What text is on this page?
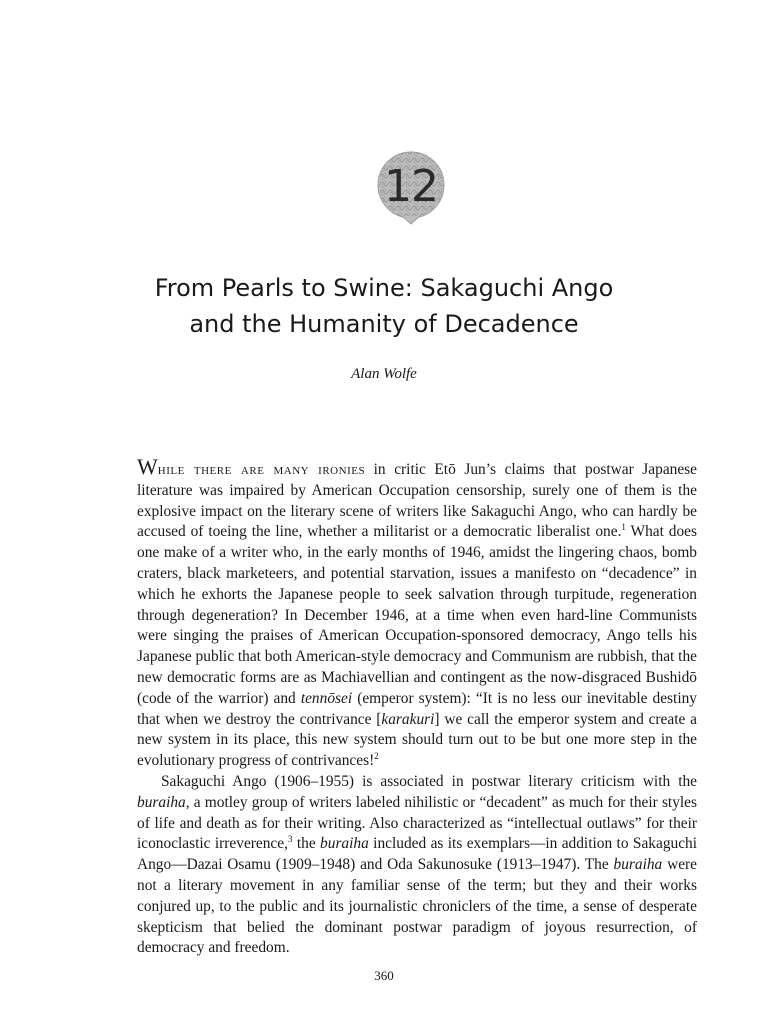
12
From Pearls to Swine: Sakaguchi Ango
and the Humanity of Decadence
Alan Wolfe

While there are many ironies in critic Etō Jun’s claims that postwar Japanese literature was impaired by American Occupation censorship, surely one of them is the explosive impact on the literary scene of writers like Sakaguchi Ango, who can hardly be accused of toeing the line, whether a militarist or a democratic liberalist one.$^1$ What does one make of a writer who, in the early months of 1946, amidst the lingering chaos, bomb craters, black marketeers, and potential starvation, issues a manifesto on “decadence” in which he exhorts the Japanese people to seek salvation through turpitude, regeneration through degeneration? In December 1946, at a time when even hard-line Communists were singing the praises of American Occupation-sponsored democracy, Ango tells his Japanese public that both American-style democracy and Communism are rubbish, that the new democratic forms are as Machiavellian and contingent as the now-disgraced Bushidō (code of the warrior) and tennōsei (emperor system): “It is no less our inevitable destiny that when we destroy the contrivance [karakuri] we call the emperor system and create a new system in its place, this new system should turn out to be but one more step in the evolutionary progress of contrivances!$^2$

Sakaguchi Ango (1906–1955) is associated in postwar literary criticism with the buraiha, a motley group of writers labeled nihilistic or “decadent” as much for their styles of life and death as for their writing. Also characterized as “intellectual outlaws” for their iconoclastic irreverence,$^3$ the buraiha included as its exemplars—in addition to Sakaguchi Ango—Dazai Osamu (1909–1948) and Oda Sakunosuke (1913–1947). The buraiha were not a literary movement in any familiar sense of the term; but they and their works conjured up, to the public and its journalistic chroniclers of the time, a sense of desperate skepticism that belied the dominant postwar paradigm of joyous resurrection, of democracy and freedom.

360
